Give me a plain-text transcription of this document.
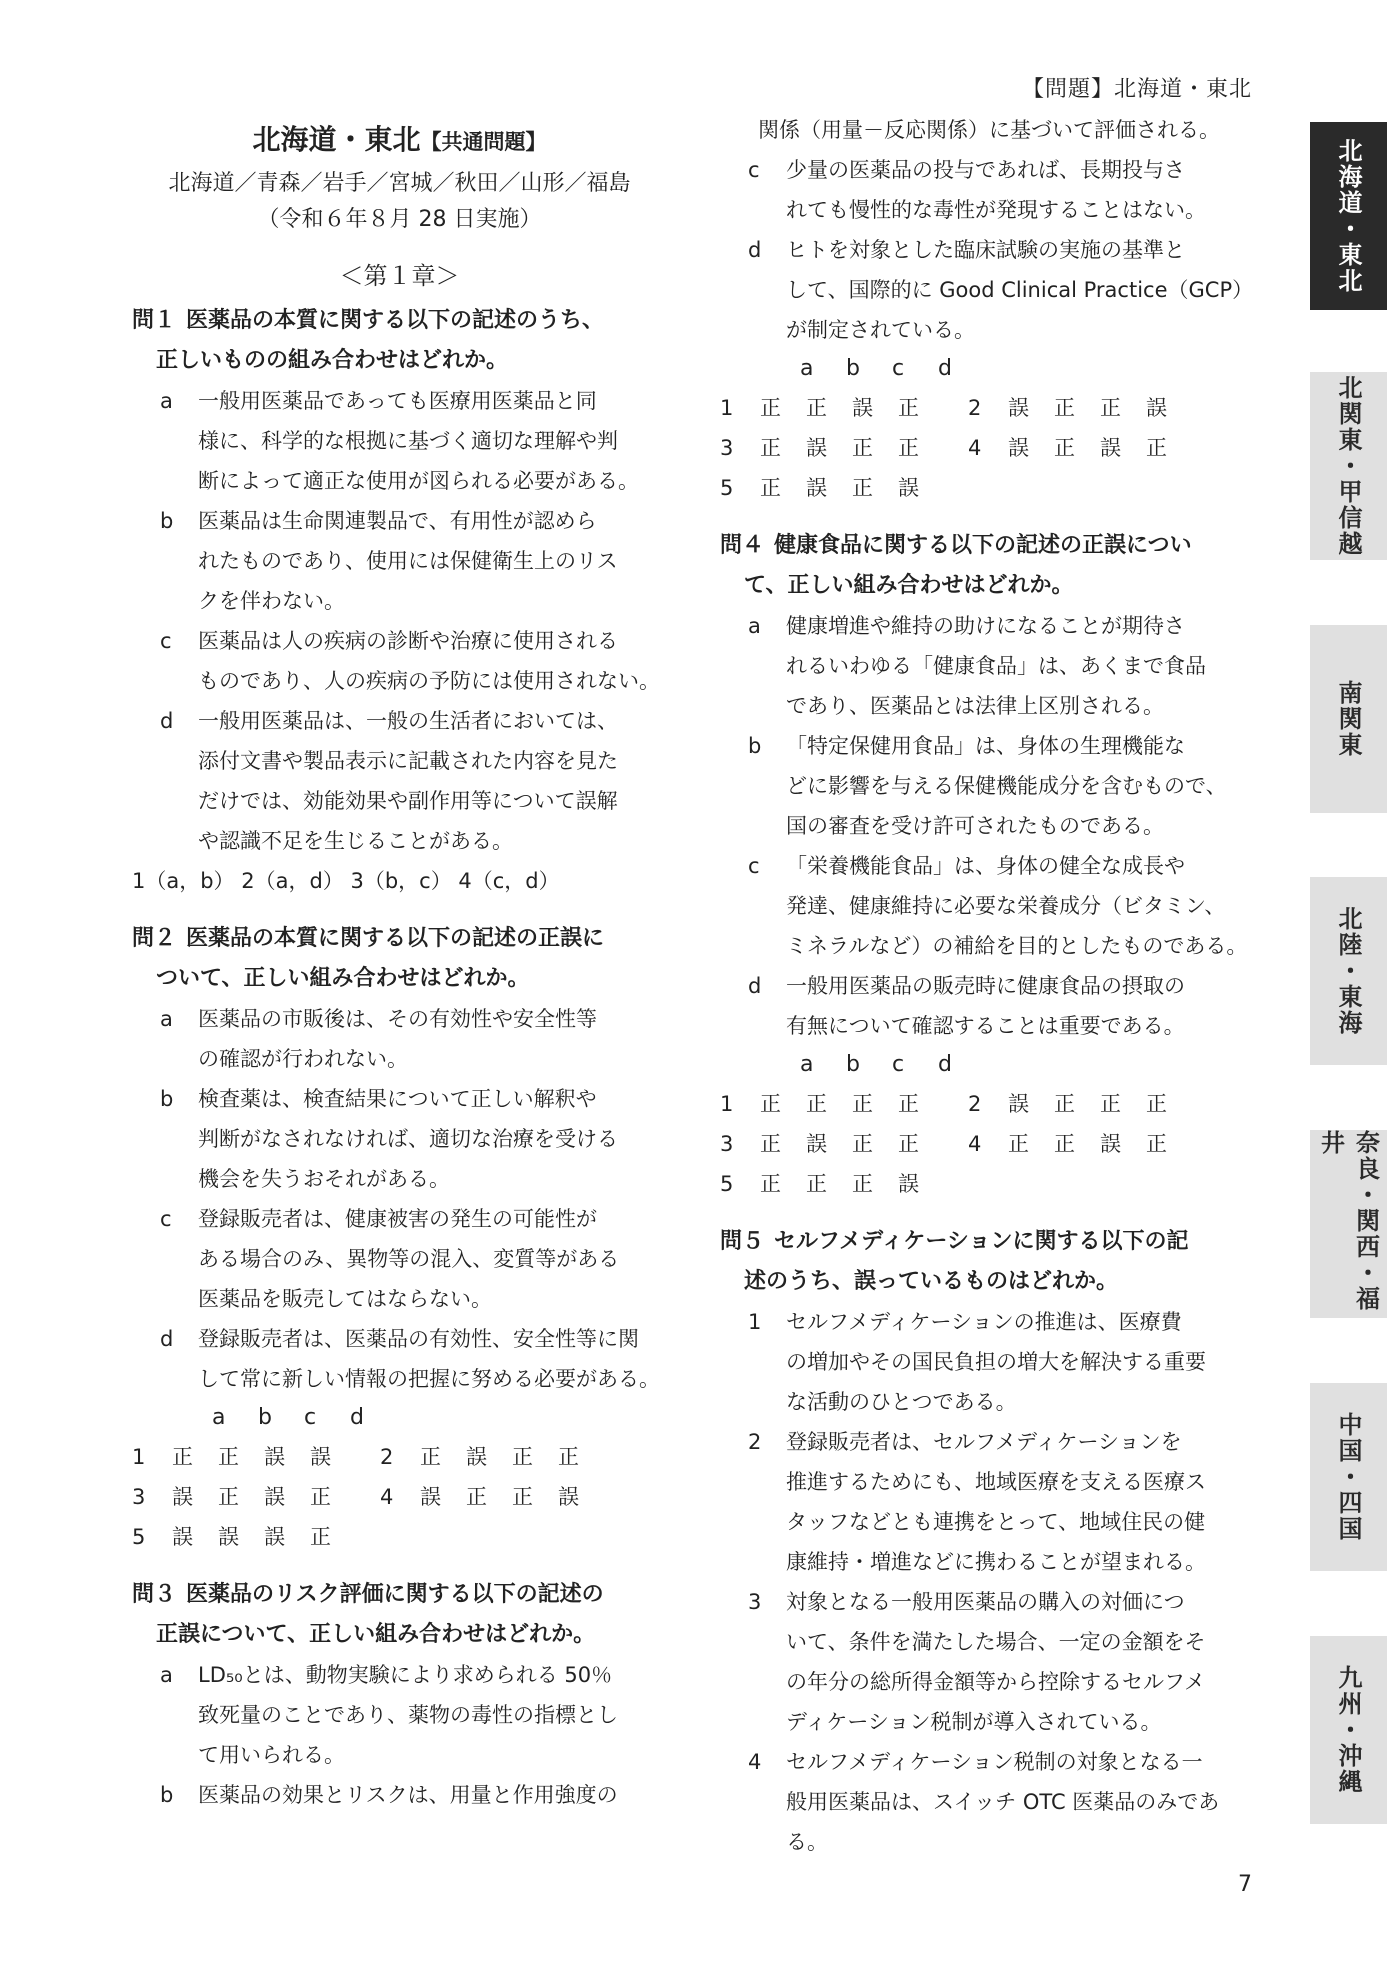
【問題】北海道・東北
北海道・東北【共通問題】
北海道／青森／岩手／宮城／秋田／山形／福島
（令和６年８月 28 日実施）
＜第１章＞
問１ 医薬品の本質に関する以下の記述のうち、
正しいものの組み合わせはどれか。
a	一般用医薬品であっても医療用医薬品と同
様に、科学的な根拠に基づく適切な理解や判
断によって適正な使用が図られる必要がある。
b	医薬品は生命関連製品で、有用性が認めら
れたものであり、使用には保健衛生上のリス
クを伴わない。
c	医薬品は人の疾病の診断や治療に使用される
ものであり、人の疾病の予防には使用されない。
d	一般用医薬品は、一般の生活者においては、
添付文書や製品表示に記載された内容を見た
だけでは、効能効果や副作用等について誤解
や認識不足を生じることがある。
1（a，b） 2（a，d） 3（b，c） 4（c，d）
問２ 医薬品の本質に関する以下の記述の正誤に
ついて、正しい組み合わせはどれか。
a	医薬品の市販後は、その有効性や安全性等
の確認が行われない。
b	検査薬は、検査結果について正しい解釈や
判断がなされなければ、適切な治療を受ける
機会を失うおそれがある。
c	登録販売者は、健康被害の発生の可能性が
ある場合のみ、異物等の混入、変質等がある
医薬品を販売してはならない。
d	登録販売者は、医薬品の有効性、安全性等に関
して常に新しい情報の把握に努める必要がある。
a	b	c	d
1	正	正	誤	誤	2	正	誤	正	正
3	誤	正	誤	正	4	誤	正	正	誤
5	誤	誤	誤	正
問３ 医薬品のリスク評価に関する以下の記述の
正誤について、正しい組み合わせはどれか。
a	LD₅₀とは、動物実験により求められる 50％
致死量のことであり、薬物の毒性の指標とし
て用いられる。
b	医薬品の効果とリスクは、用量と作用強度の
関係（用量－反応関係）に基づいて評価される。
c	少量の医薬品の投与であれば、長期投与さ
れても慢性的な毒性が発現することはない。
d	ヒトを対象とした臨床試験の実施の基準と
して、国際的に Good Clinical Practice（GCP）
が制定されている。
a	b	c	d
1	正	正	誤	正	2	誤	正	正	誤
3	正	誤	正	正	4	誤	正	誤	正
5	正	誤	正	誤
問４ 健康食品に関する以下の記述の正誤につい
て、正しい組み合わせはどれか。
a	健康増進や維持の助けになることが期待さ
れるいわゆる「健康食品」は、あくまで食品
であり、医薬品とは法律上区別される。
b	「特定保健用食品」は、身体の生理機能な
どに影響を与える保健機能成分を含むもので、
国の審査を受け許可されたものである。
c	「栄養機能食品」は、身体の健全な成長や
発達、健康維持に必要な栄養成分（ビタミン、
ミネラルなど）の補給を目的としたものである。
d	一般用医薬品の販売時に健康食品の摂取の
有無について確認することは重要である。
a	b	c	d
1	正	正	正	正	2	誤	正	正	正
3	正	誤	正	正	4	正	正	誤	正
5	正	正	正	誤
問５ セルフメディケーションに関する以下の記
述のうち、誤っているものはどれか。
1	セルフメディケーションの推進は、医療費
の増加やその国民負担の増大を解決する重要
な活動のひとつである。
2	登録販売者は、セルフメディケーションを
推進するためにも、地域医療を支える医療ス
タッフなどとも連携をとって、地域住民の健
康維持・増進などに携わることが望まれる。
3	対象となる一般用医薬品の購入の対価につ
いて、条件を満たした場合、一定の金額をそ
の年分の総所得金額等から控除するセルフメ
ディケーション税制が導入されている。
4	セルフメディケーション税制の対象となる一
般用医薬品は、スイッチ OTC 医薬品のみである。
北海道・東北
北関東・甲信越
南関東
北陸・東海
奈良・関西・福井
中国・四国
九州・沖縄
7
